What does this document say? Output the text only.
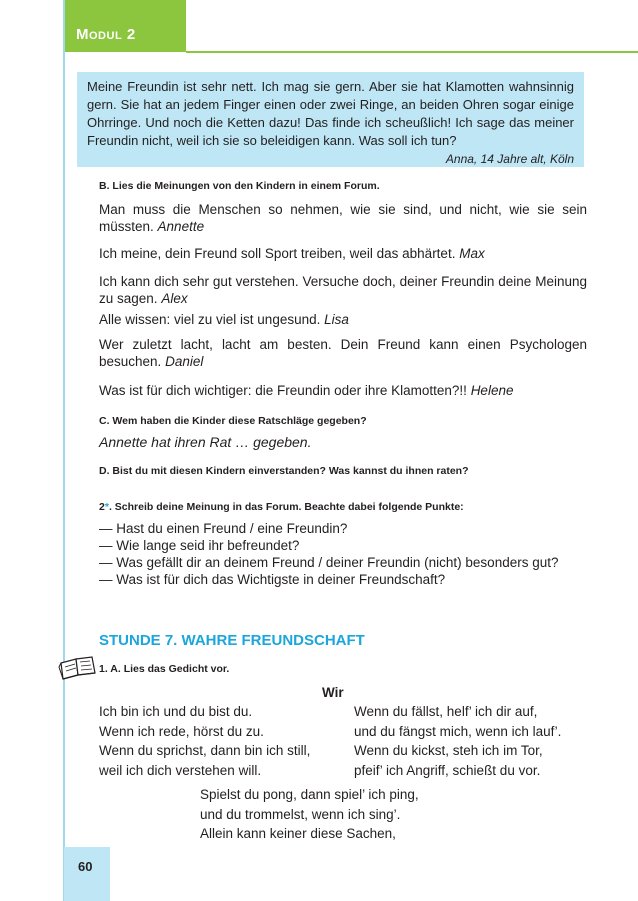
Modul 2
Meine Freundin ist sehr nett. Ich mag sie gern. Aber sie hat Klamotten wahnsinnig gern. Sie hat an jedem Finger einen oder zwei Ringe, an beiden Ohren sogar einige Ohrringe. Und noch die Ketten dazu! Das finde ich scheußlich! Ich sage das meiner Freundin nicht, weil ich sie so beleidigen kann. Was soll ich tun?
Anna, 14 Jahre alt, Köln
B. Lies die Meinungen von den Kindern in einem Forum.
Man muss die Menschen so nehmen, wie sie sind, und nicht, wie sie sein müssten. Annette
Ich meine, dein Freund soll Sport treiben, weil das abhärtet. Max
Ich kann dich sehr gut verstehen. Versuche doch, deiner Freundin deine Meinung zu sagen. Alex
Alle wissen: viel zu viel ist ungesund. Lisa
Wer zuletzt lacht, lacht am besten. Dein Freund kann einen Psychologen besuchen. Daniel
Was ist für dich wichtiger: die Freundin oder ihre Klamotten?!! Helene
C. Wem haben die Kinder diese Ratschläge gegeben?
Annette hat ihren Rat … gegeben.
D. Bist du mit diesen Kindern einverstanden? Was kannst du ihnen raten?
2*. Schreib deine Meinung in das Forum. Beachte dabei folgende Punkte:
— Hast du einen Freund / eine Freundin?
— Wie lange seid ihr befreundet?
— Was gefällt dir an deinem Freund / deiner Freundin (nicht) besonders gut?
— Was ist für dich das Wichtigste in deiner Freundschaft?
STUNDE 7. WAHRE FREUNDSCHAFT
1. A. Lies das Gedicht vor.
Wir
Ich bin ich und du bist du.
Wenn ich rede, hörst du zu.
Wenn du sprichst, dann bin ich still,
weil ich dich verstehen will.
Wenn du fällst, helf’ ich dir auf,
und du fängst mich, wenn ich lauf’.
Wenn du kickst, steh ich im Tor,
pfeif’ ich Angriff, schießt du vor.
Spielst du pong, dann spiel’ ich ping,
und du trommelst, wenn ich sing’.
Allein kann keiner diese Sachen,
60
